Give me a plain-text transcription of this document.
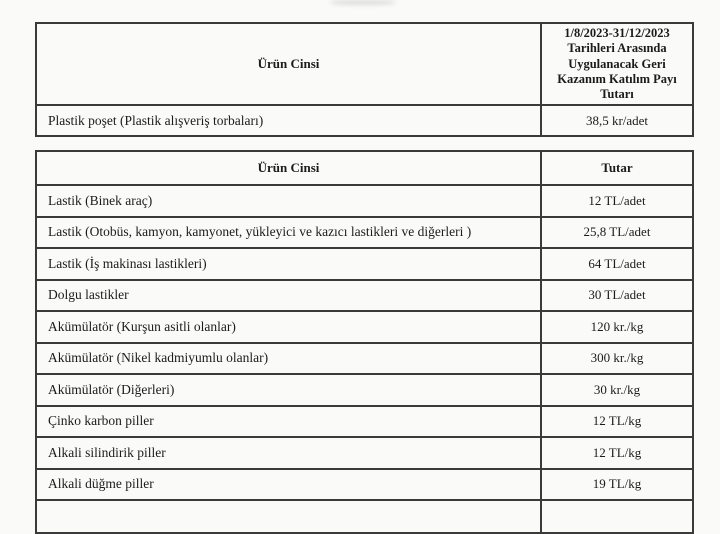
Ürün Cinsi	1/8/2023-31/12/2023 Tarihleri Arasında Uygulanacak Geri Kazanım Katılım Payı Tutarı
Plastik poşet (Plastik alışveriş torbaları)	38,5 kr/adet
Ürün Cinsi	Tutar
Lastik (Binek araç)	12 TL/adet
Lastik (Otobüs, kamyon, kamyonet, yükleyici ve kazıcı lastikleri ve diğerleri )	25,8 TL/adet
Lastik (İş makinası lastikleri)	64 TL/adet
Dolgu lastikler	30 TL/adet
Akümülatör (Kurşun asitli olanlar)	120 kr./kg
Akümülatör (Nikel kadmiyumlu olanlar)	300 kr./kg
Akümülatör (Diğerleri)	30 kr./kg
Çinko karbon piller	12 TL/kg
Alkali silindirik piller	12 TL/kg
Alkali düğme piller	19 TL/kg
